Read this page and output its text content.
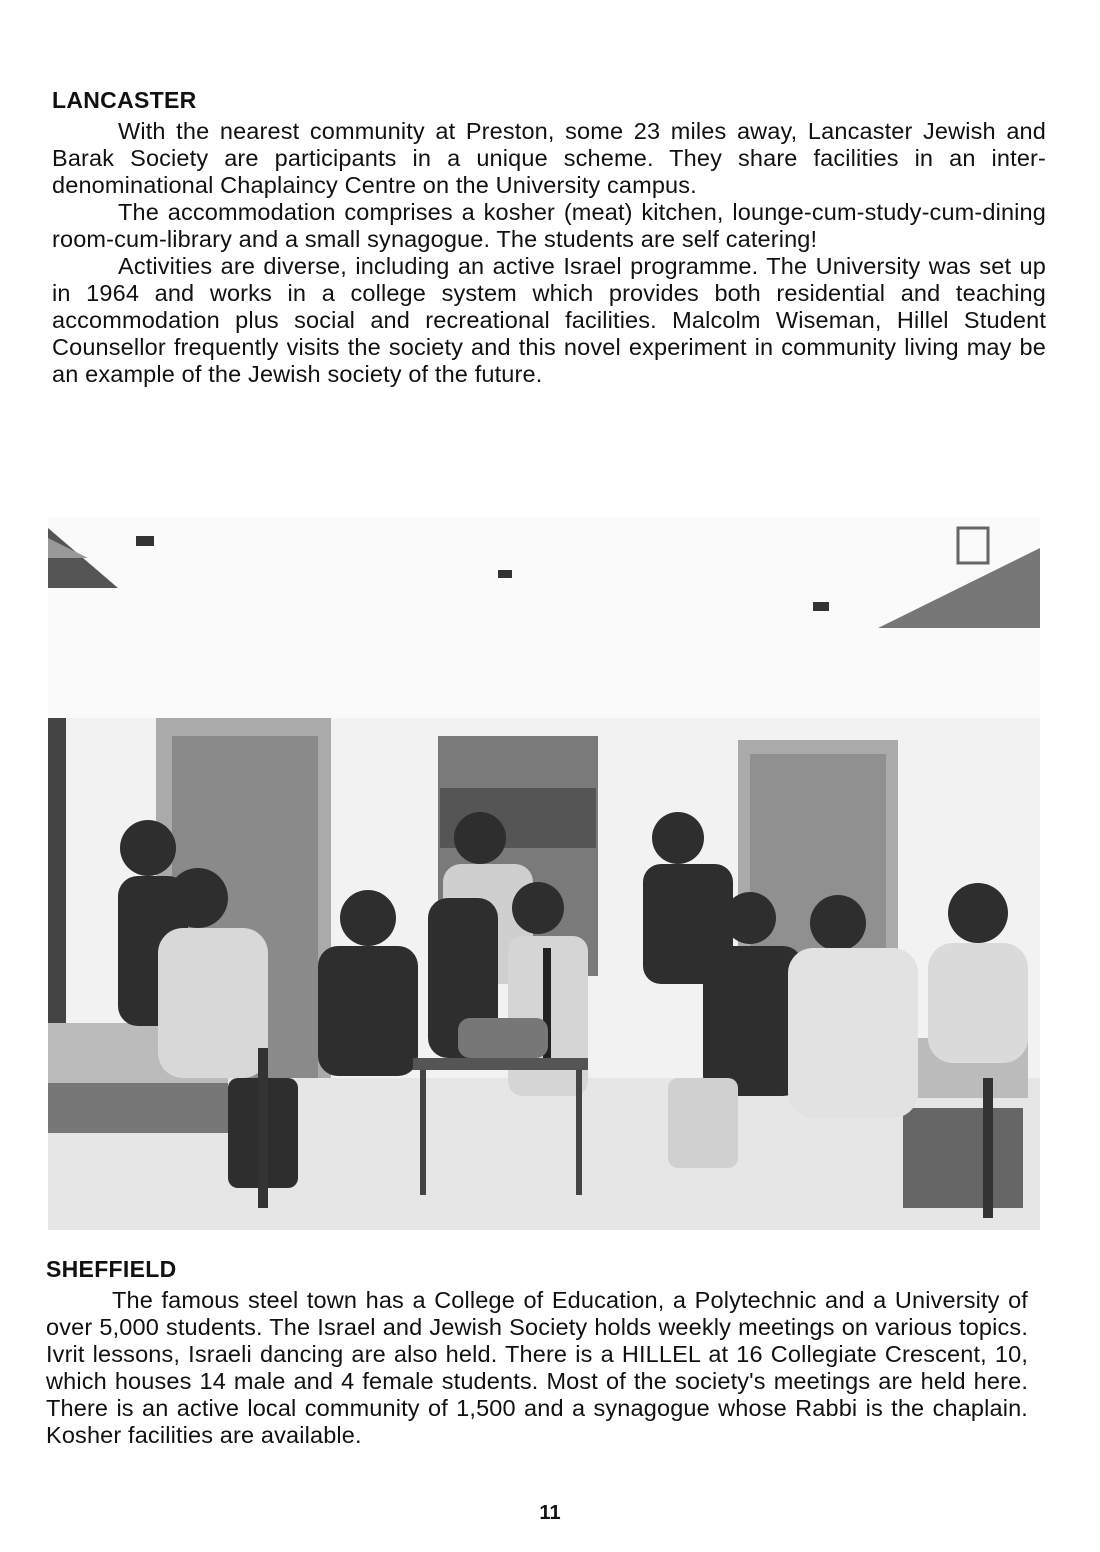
LANCASTER

With the nearest community at Preston, some 23 miles away, Lancaster Jewish and Barak Society are participants in a unique scheme. They share facilities in an inter-denominational Chaplaincy Centre on the University campus.

The accommodation comprises a kosher (meat) kitchen, lounge-cum-study-cum-dining room-cum-library and a small synagogue. The students are self catering!

Activities are diverse, including an active Israel programme. The University was set up in 1964 and works in a college system which provides both residential and teaching accommodation plus social and recreational facilities. Malcolm Wiseman, Hillel Student Counsellor frequently visits the society and this novel experiment in community living may be an example of the Jewish society of the future.

SHEFFIELD

The famous steel town has a College of Education, a Polytechnic and a University of over 5,000 students. The Israel and Jewish Society holds weekly meetings on various topics. Ivrit lessons, Israeli dancing are also held. There is a HILLEL at 16 Collegiate Crescent, 10, which houses 14 male and 4 female students. Most of the society's meetings are held here. There is an active local community of 1,500 and a synagogue whose Rabbi is the chaplain. Kosher facilities are available.

11
